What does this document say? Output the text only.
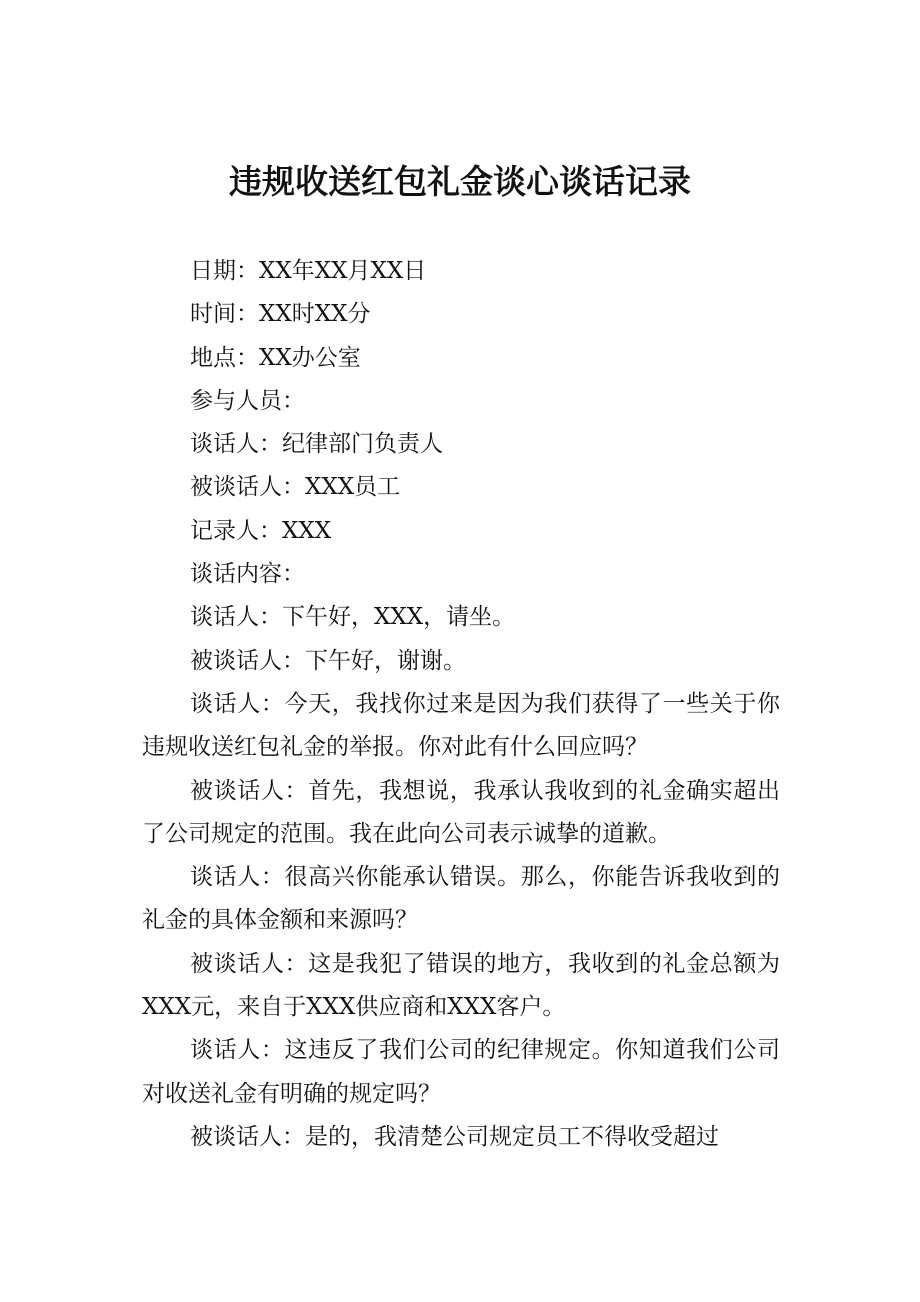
违规收送红包礼金谈心谈话记录

日期：XX年XX月XX日

时间：XX时XX分

地点：XX办公室

参与人员：

谈话人：纪律部门负责人

被谈话人：XXX员工

记录人：XXX

谈话内容：

谈话人：下午好，XXX，请坐。

被谈话人：下午好，谢谢。

谈话人：今天，我找你过来是因为我们获得了一些关于你违规收送红包礼金的举报。你对此有什么回应吗？

被谈话人：首先，我想说，我承认我收到的礼金确实超出了公司规定的范围。我在此向公司表示诚挚的道歉。

谈话人：很高兴你能承认错误。那么，你能告诉我收到的礼金的具体金额和来源吗？

被谈话人：这是我犯了错误的地方，我收到的礼金总额为XXX元，来自于XXX供应商和XXX客户。

谈话人：这违反了我们公司的纪律规定。你知道我们公司对收送礼金有明确的规定吗？

被谈话人：是的，我清楚公司规定员工不得收受超过
